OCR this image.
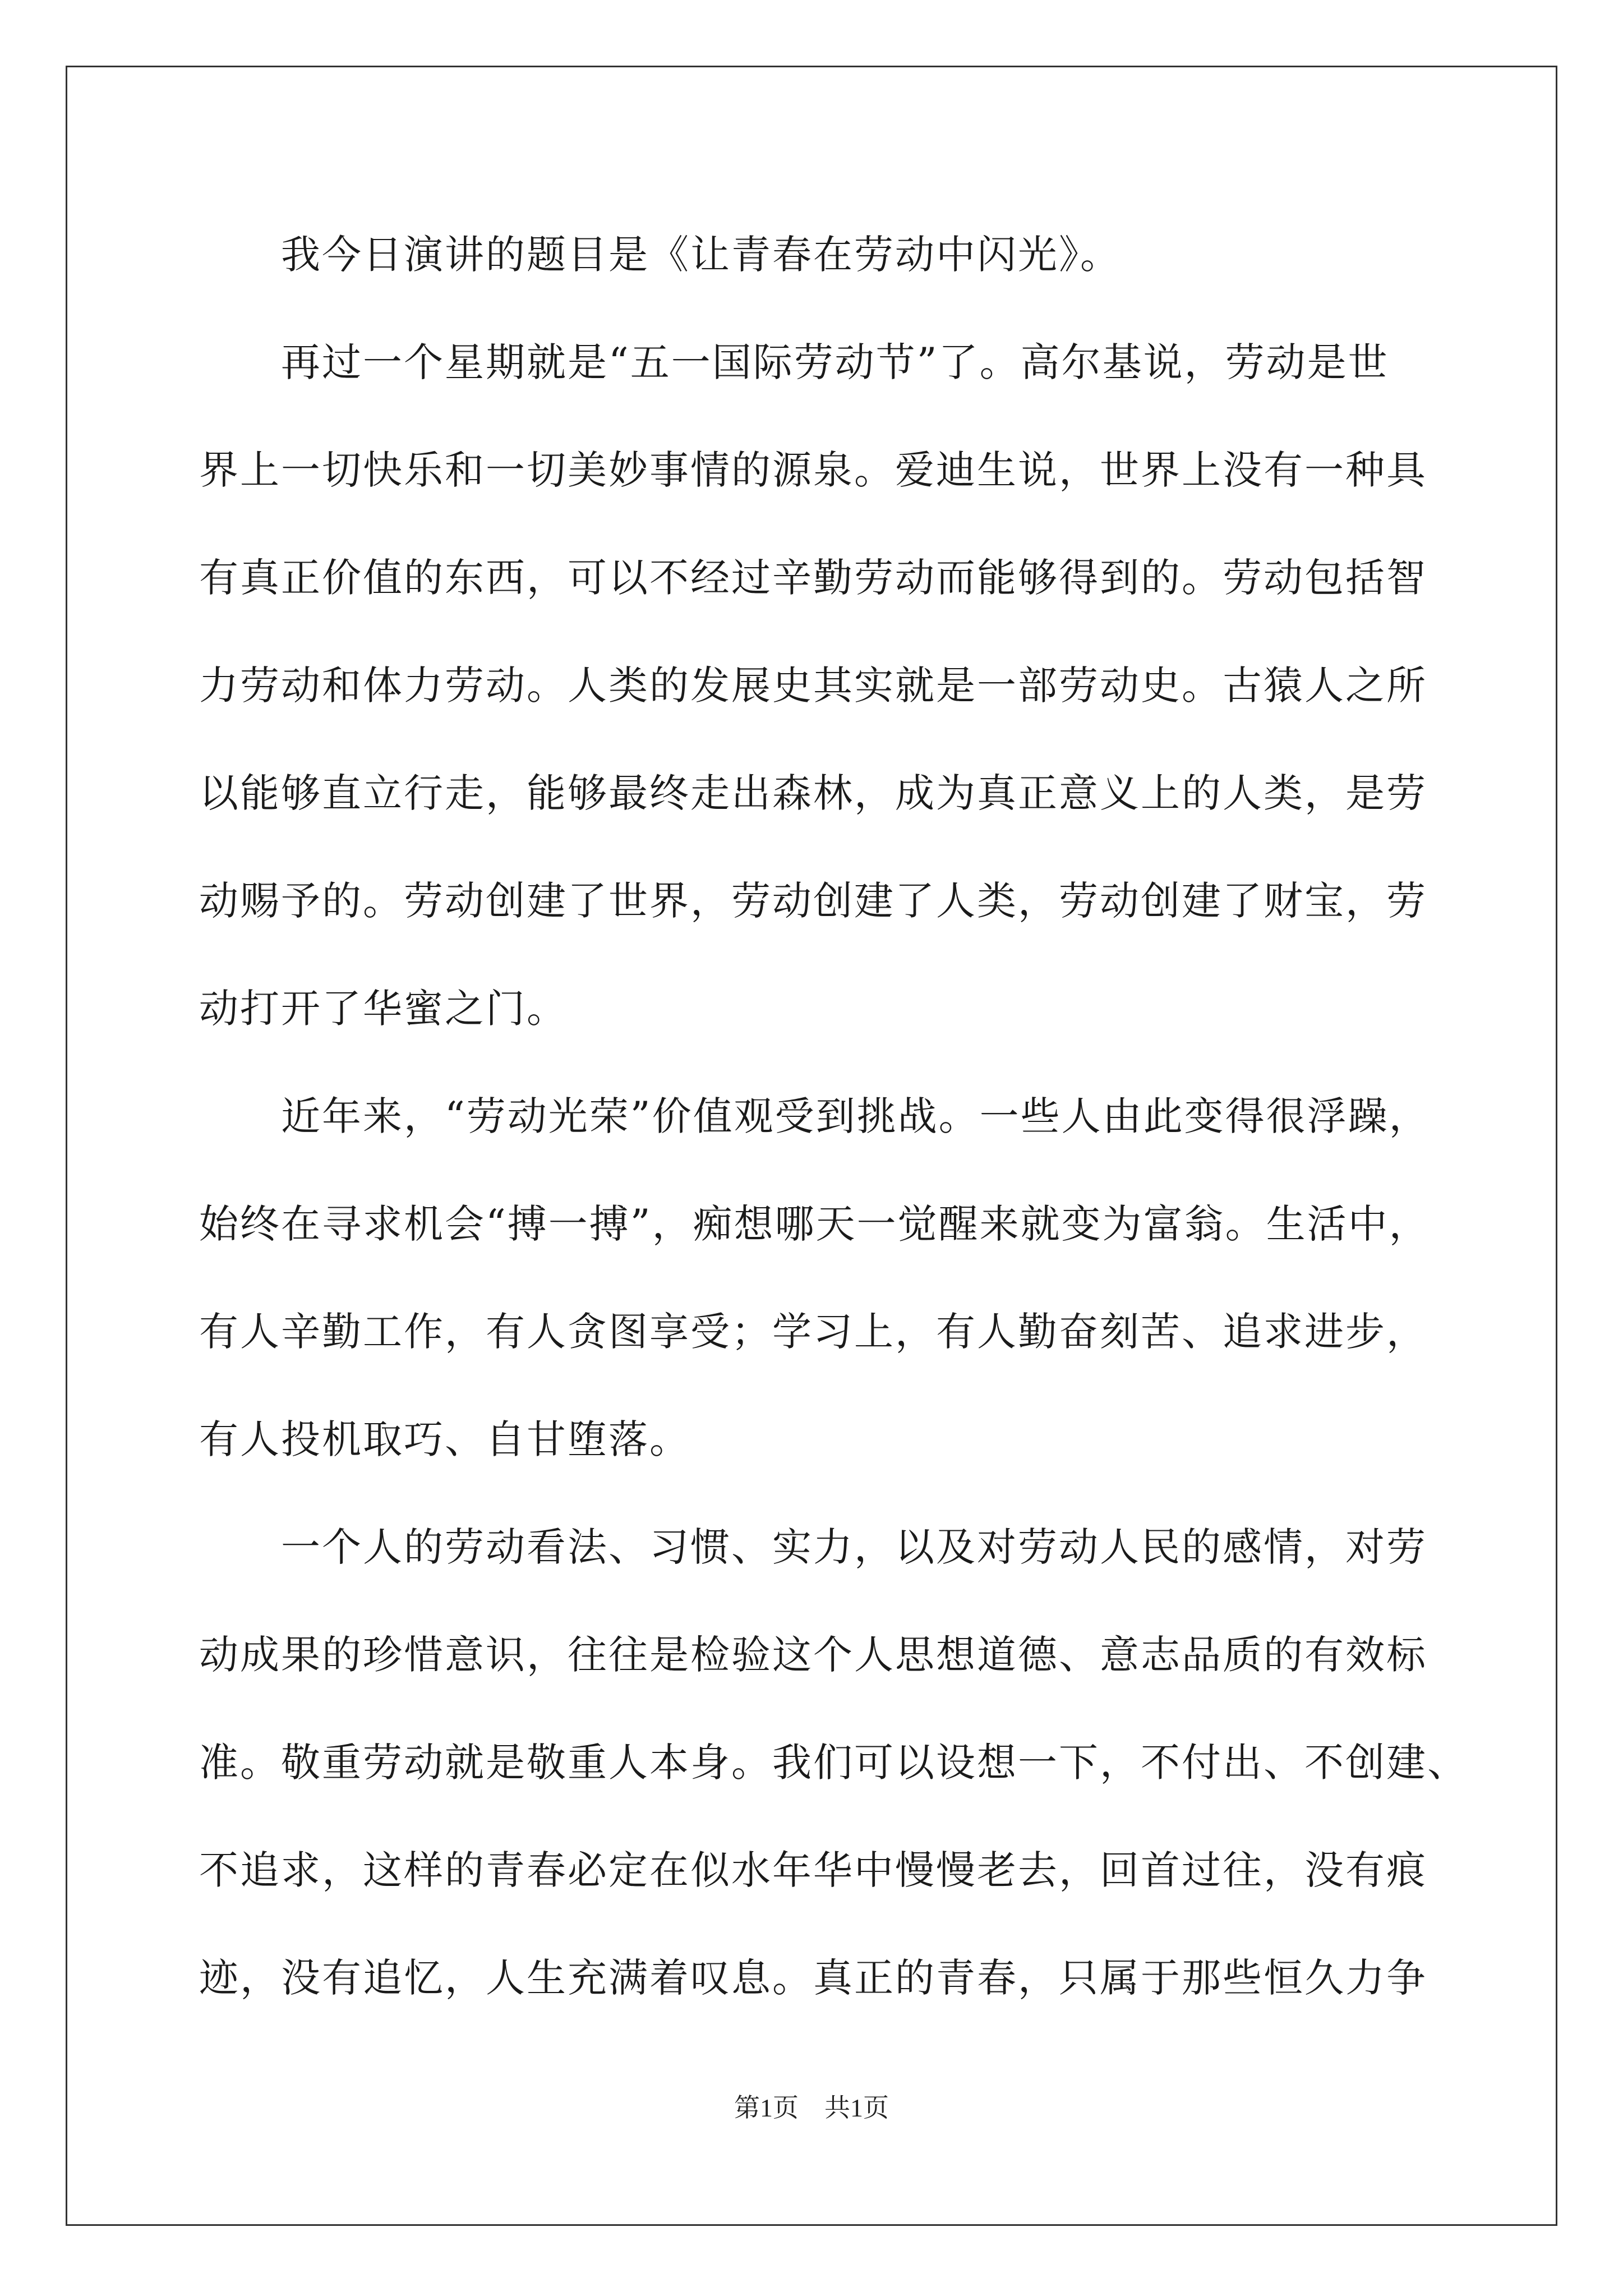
我今日演讲的题目是《让青春在劳动中闪光》。
再过一个星期就是“五一国际劳动节”了。高尔基说，劳动是世
界上一切快乐和一切美妙事情的源泉。爱迪生说，世界上没有一种具
有真正价值的东西，可以不经过辛勤劳动而能够得到的。劳动包括智
力劳动和体力劳动。人类的发展史其实就是一部劳动史。古猿人之所
以能够直立行走，能够最终走出森林，成为真正意义上的人类，是劳
动赐予的。劳动创建了世界，劳动创建了人类，劳动创建了财宝，劳
动打开了华蜜之门。
近年来，“劳动光荣”价值观受到挑战。一些人由此变得很浮躁，
始终在寻求机会“搏一搏”，痴想哪天一觉醒来就变为富翁。生活中，
有人辛勤工作，有人贪图享受；学习上，有人勤奋刻苦、追求进步，
有人投机取巧、自甘堕落。
一个人的劳动看法、习惯、实力，以及对劳动人民的感情，对劳
动成果的珍惜意识，往往是检验这个人思想道德、意志品质的有效标
准。敬重劳动就是敬重人本身。我们可以设想一下，不付出、不创建、
不追求，这样的青春必定在似水年华中慢慢老去，回首过往，没有痕
迹，没有追忆，人生充满着叹息。真正的青春，只属于那些恒久力争
第1页    共1页
